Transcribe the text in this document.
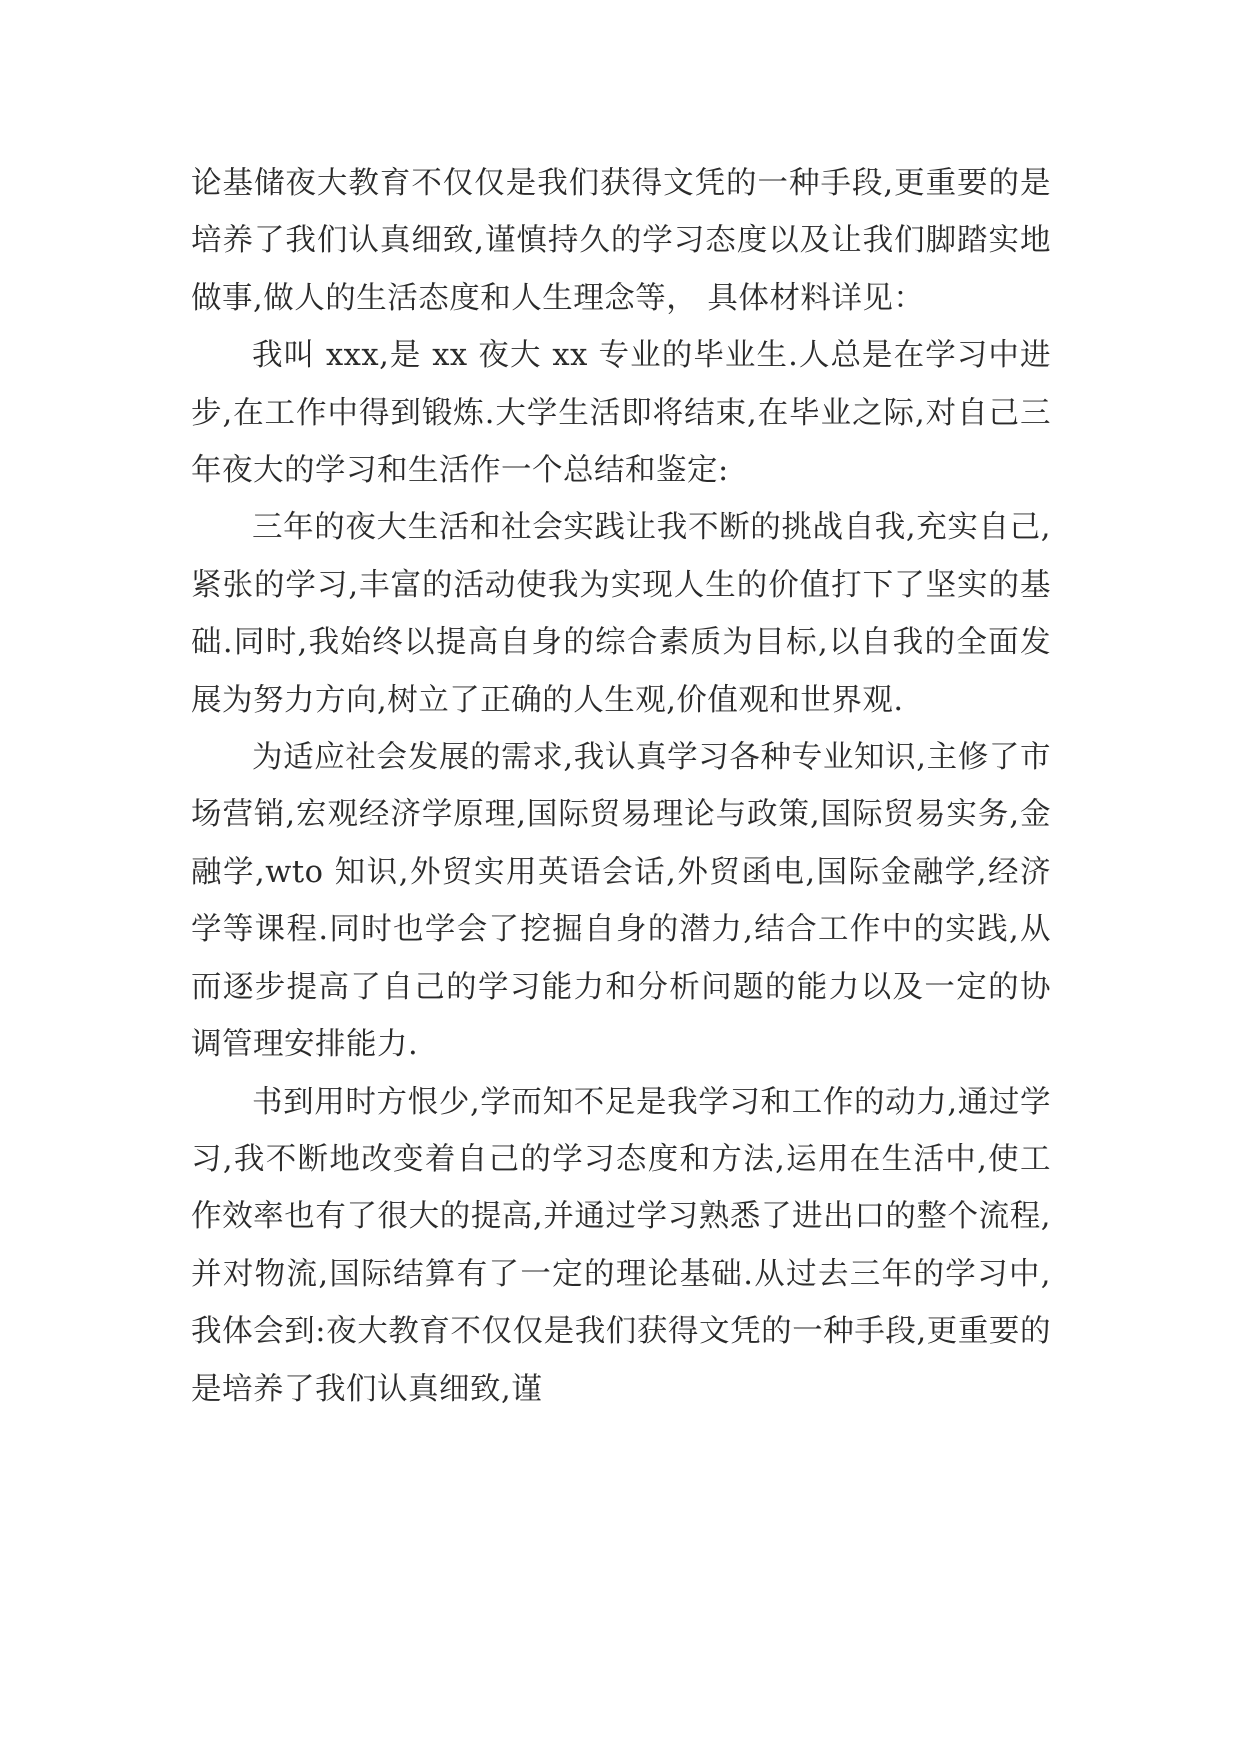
论基储夜大教育不仅仅是我们获得文凭的一种手段,更重要的是培养了我们认真细致,谨慎持久的学习态度以及让我们脚踏实地做事,做人的生活态度和人生理念等， 具体材料详见：

我叫 xxx,是 xx 夜大 xx 专业的毕业生.人总是在学习中进步,在工作中得到锻炼.大学生活即将结束,在毕业之际,对自己三年夜大的学习和生活作一个总结和鉴定:

三年的夜大生活和社会实践让我不断的挑战自我,充实自己,紧张的学习,丰富的活动使我为实现人生的价值打下了坚实的基础.同时,我始终以提高自身的综合素质为目标,以自我的全面发展为努力方向,树立了正确的人生观,价值观和世界观.

为适应社会发展的需求,我认真学习各种专业知识,主修了市场营销,宏观经济学原理,国际贸易理论与政策,国际贸易实务,金融学,wto 知识,外贸实用英语会话,外贸函电,国际金融学,经济学等课程.同时也学会了挖掘自身的潜力,结合工作中的实践,从而逐步提高了自己的学习能力和分析问题的能力以及一定的协调管理安排能力.

书到用时方恨少,学而知不足是我学习和工作的动力,通过学习,我不断地改变着自己的学习态度和方法,运用在生活中,使工作效率也有了很大的提高,并通过学习熟悉了进出口的整个流程,并对物流,国际结算有了一定的理论基础.从过去三年的学习中,我体会到:夜大教育不仅仅是我们获得文凭的一种手段,更重要的是培养了我们认真细致,谨
